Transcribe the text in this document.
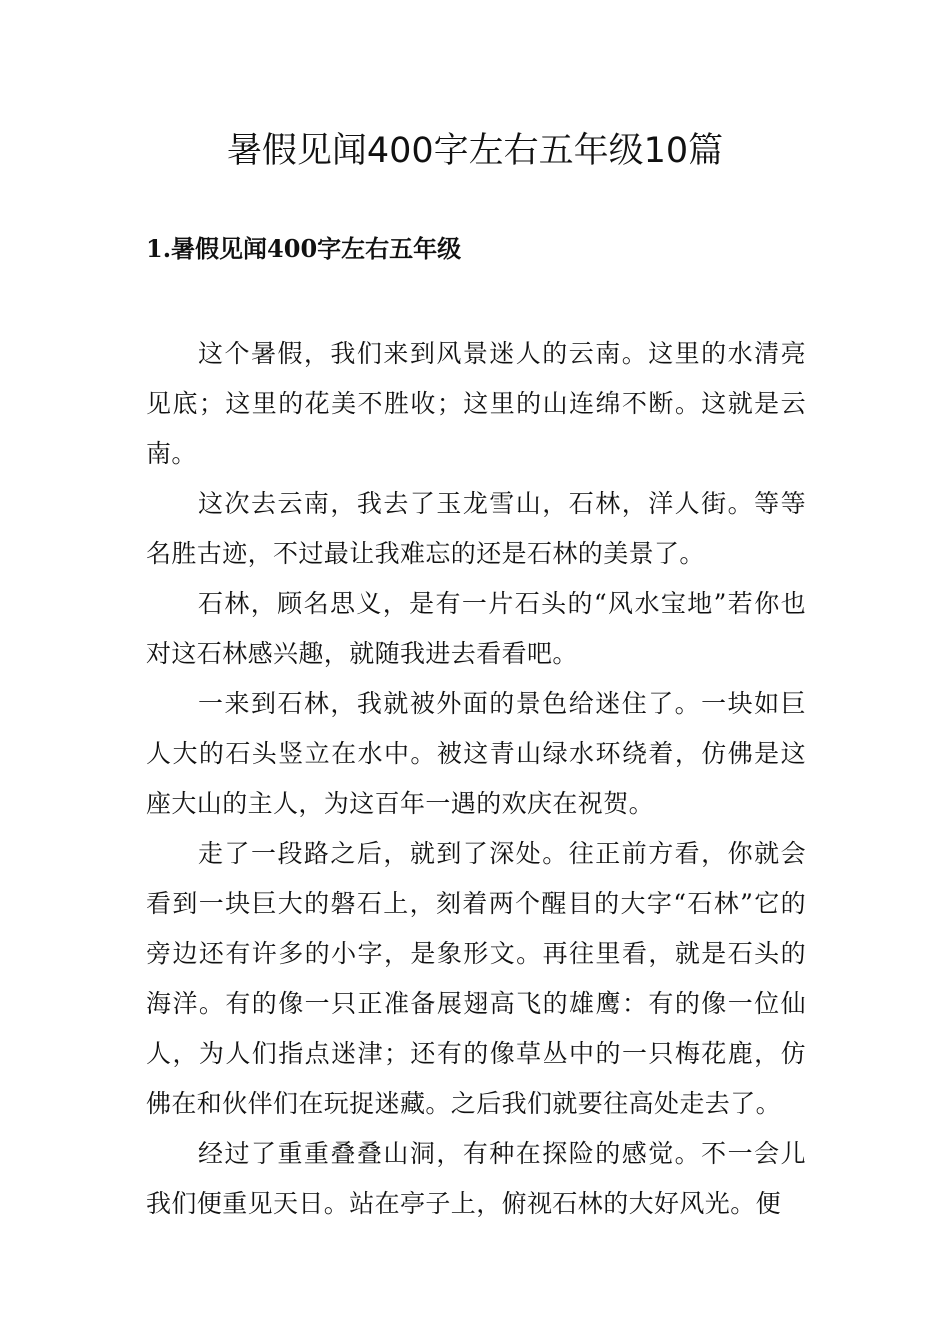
暑假见闻400字左右五年级10篇
1.暑假见闻400字左右五年级

这个暑假，我们来到风景迷人的云南。这里的水清亮见底；这里的花美不胜收；这里的山连绵不断。这就是云南。

这次去云南，我去了玉龙雪山，石林，洋人街。等等名胜古迹，不过最让我难忘的还是石林的美景了。

石林，顾名思义，是有一片石头的“风水宝地”若你也对这石林感兴趣，就随我进去看看吧。

一来到石林，我就被外面的景色给迷住了。一块如巨人大的石头竖立在水中。被这青山绿水环绕着，仿佛是这座大山的主人，为这百年一遇的欢庆在祝贺。

走了一段路之后，就到了深处。往正前方看，你就会看到一块巨大的磐石上，刻着两个醒目的大字“石林”它的旁边还有许多的小字，是象形文。再往里看，就是石头的海洋。有的像一只正准备展翅高飞的雄鹰：有的像一位仙人，为人们指点迷津；还有的像草丛中的一只梅花鹿，仿佛在和伙伴们在玩捉迷藏。之后我们就要往高处走去了。

经过了重重叠叠山洞，有种在探险的感觉。不一会儿我们便重见天日。站在亭子上，俯视石林的大好风光。便
